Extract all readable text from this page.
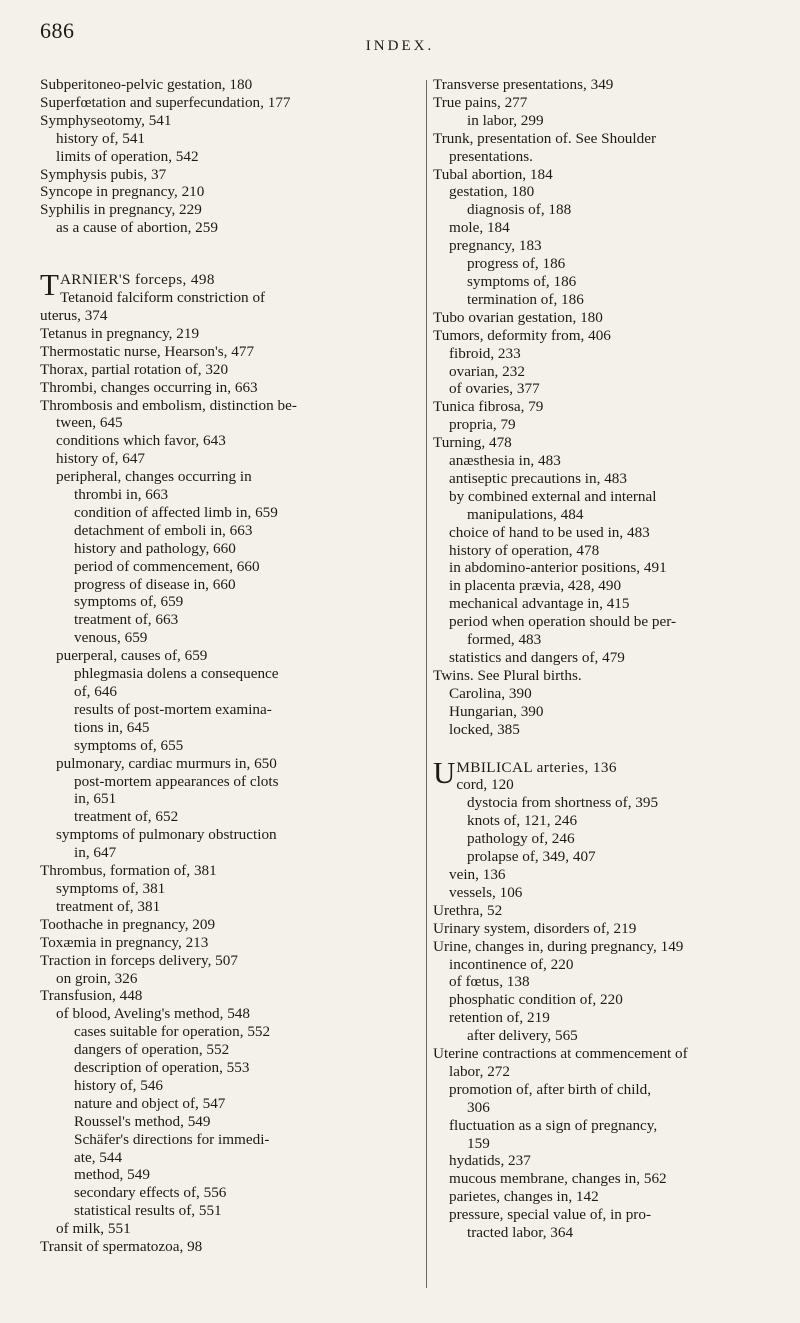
686
INDEX.
Subperitoneo-pelvic gestation, 180
Superfœtation and superfecundation, 177
Symphyseotomy, 541
history of, 541
limits of operation, 542
Symphysis pubis, 37
Syncope in pregnancy, 210
Syphilis in pregnancy, 229
as a cause of abortion, 259
TARNIER'S forceps, 498
Tetanoid falciform constriction of
uterus, 374
Tetanus in pregnancy, 219
Thermostatic nurse, Hearson's, 477
Thorax, partial rotation of, 320
Thrombi, changes occurring in, 663
Thrombosis and embolism, distinction be-
tween, 645
conditions which favor, 643
history of, 647
peripheral, changes occurring in
thrombi in, 663
condition of affected limb in, 659
detachment of emboli in, 663
history and pathology, 660
period of commencement, 660
progress of disease in, 660
symptoms of, 659
treatment of, 663
venous, 659
puerperal, causes of, 659
phlegmasia dolens a consequence
of, 646
results of post-mortem examina-
tions in, 645
symptoms of, 655
pulmonary, cardiac murmurs in, 650
post-mortem appearances of clots
in, 651
treatment of, 652
symptoms of pulmonary obstruction
in, 647
Thrombus, formation of, 381
symptoms of, 381
treatment of, 381
Toothache in pregnancy, 209
Toxæmia in pregnancy, 213
Traction in forceps delivery, 507
on groin, 326
Transfusion, 448
of blood, Aveling's method, 548
cases suitable for operation, 552
dangers of operation, 552
description of operation, 553
history of, 546
nature and object of, 547
Roussel's method, 549
Schäfer's directions for immedi-
ate, 544
method, 549
secondary effects of, 556
statistical results of, 551
of milk, 551
Transit of spermatozoa, 98
Transverse presentations, 349
True pains, 277
in labor, 299
Trunk, presentation of. See Shoulder
presentations.
Tubal abortion, 184
gestation, 180
diagnosis of, 188
mole, 184
pregnancy, 183
progress of, 186
symptoms of, 186
termination of, 186
Tubo ovarian gestation, 180
Tumors, deformity from, 406
fibroid, 233
ovarian, 232
of ovaries, 377
Tunica fibrosa, 79
propria, 79
Turning, 478
anæsthesia in, 483
antiseptic precautions in, 483
by combined external and internal
manipulations, 484
choice of hand to be used in, 483
history of operation, 478
in abdomino-anterior positions, 491
in placenta prævia, 428, 490
mechanical advantage in, 415
period when operation should be per-
formed, 483
statistics and dangers of, 479
Twins. See Plural births.
Carolina, 390
Hungarian, 390
locked, 385
UMBILICAL arteries, 136
cord, 120
dystocia from shortness of, 395
knots of, 121, 246
pathology of, 246
prolapse of, 349, 407
vein, 136
vessels, 106
Urethra, 52
Urinary system, disorders of, 219
Urine, changes in, during pregnancy, 149
incontinence of, 220
of fœtus, 138
phosphatic condition of, 220
retention of, 219
after delivery, 565
Uterine contractions at commencement of
labor, 272
promotion of, after birth of child,
306
fluctuation as a sign of pregnancy,
159
hydatids, 237
mucous membrane, changes in, 562
parietes, changes in, 142
pressure, special value of, in pro-
tracted labor, 364
